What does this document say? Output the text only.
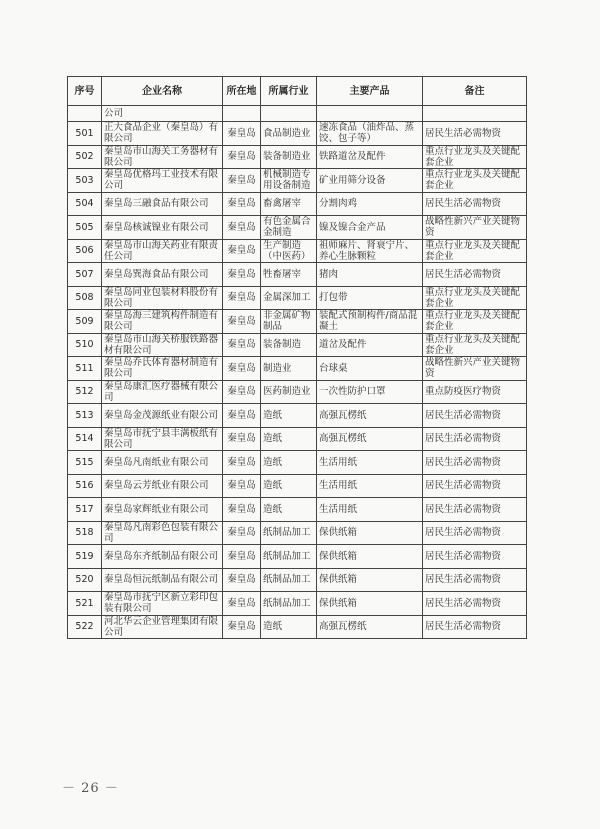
序号	企业名称	所在地	所属行业	主要产品	备注
	公司				
501	正大食品企业（秦皇岛）有限公司	秦皇岛	食品制造业	速冻食品（油炸品、蒸饺、包子等）	居民生活必需物资
502	秦皇岛市山海关工务器材有限公司	秦皇岛	装备制造业	铁路道岔及配件	重点行业龙头及关键配套企业
503	秦皇岛优格玛工业技术有限公司	秦皇岛	机械制造专用设备制造	矿业用筛分设备	重点行业龙头及关键配套企业
504	秦皇岛三融食品有限公司	秦皇岛	畜禽屠宰	分割肉鸡	居民生活必需物资
505	秦皇岛核诚镍业有限公司	秦皇岛	有色金属合金制造	镍及镍合金产品	战略性新兴产业关键物资
506	秦皇岛市山海关药业有限责任公司	秦皇岛	生产制造（中医药）	祖师麻片、肾衰宁片、养心生脉颗粒	重点行业龙头及关键配套企业
507	秦皇岛巽海食品有限公司	秦皇岛	牲畜屠宰	猪肉	居民生活必需物资
508	秦皇岛同业包装材料股份有限公司	秦皇岛	金属深加工	打包带	重点行业龙头及关键配套企业
509	秦皇岛海三建筑构件制造有限公司	秦皇岛	非金属矿物制品	装配式预制构件/商品混凝土	重点行业龙头及关键配套企业
510	秦皇岛市山海关桥服铁路器材有限公司	秦皇岛	装备制造	道岔及配件	重点行业龙头及关键配套企业
511	秦皇岛乔氏体育器材制造有限公司	秦皇岛	制造业	台球桌	战略性新兴产业关键物资
512	秦皇岛康汇医疗器械有限公司	秦皇岛	医药制造业	一次性防护口罩	重点防疫医疗物资
513	秦皇岛金茂源纸业有限公司	秦皇岛	造纸	高强瓦楞纸	居民生活必需物资
514	秦皇岛市抚宁县丰满板纸有限公司	秦皇岛	造纸	高强瓦楞纸	居民生活必需物资
515	秦皇岛凡南纸业有限公司	秦皇岛	造纸	生活用纸	居民生活必需物资
516	秦皇岛云芳纸业有限公司	秦皇岛	造纸	生活用纸	居民生活必需物资
517	秦皇岛家辉纸业有限公司	秦皇岛	造纸	生活用纸	居民生活必需物资
518	秦皇岛凡南彩色包装有限公司	秦皇岛	纸制品加工	保供纸箱	居民生活必需物资
519	秦皇岛东齐纸制品有限公司	秦皇岛	纸制品加工	保供纸箱	居民生活必需物资
520	秦皇岛恒沅纸制品有限公司	秦皇岛	纸制品加工	保供纸箱	居民生活必需物资
521	秦皇岛市抚宁区新立彩印包装有限公司	秦皇岛	纸制品加工	保供纸箱	居民生活必需物资
522	河北华云企业管理集团有限公司	秦皇岛	造纸	高强瓦楞纸	居民生活必需物资
－ 26 －
